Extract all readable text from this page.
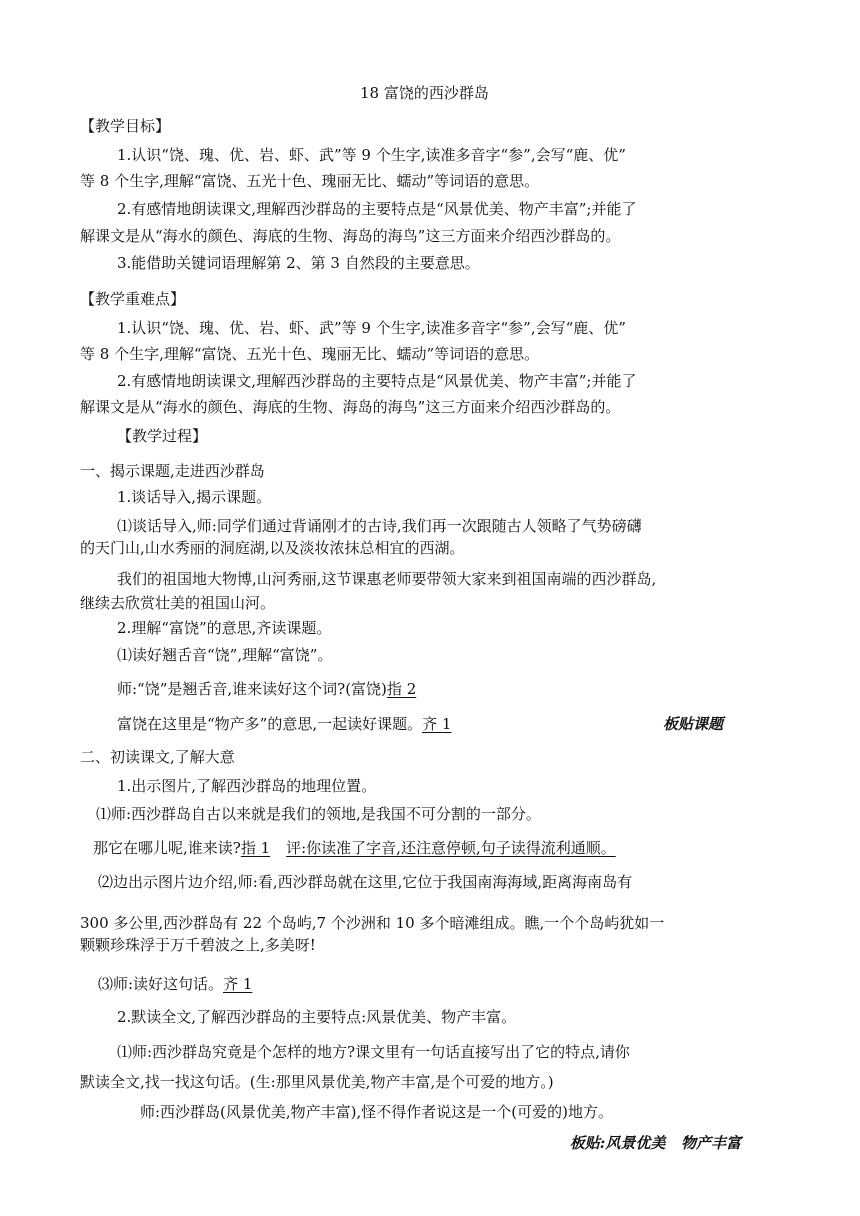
18 富饶的西沙群岛
【教学目标】
1.认识“饶、瑰、优、岩、虾、武”等 9 个生字,读准多音字“参”,会写“鹿、优”
等 8 个生字,理解“富饶、五光十色、瑰丽无比、蠕动”等词语的意思。
2.有感情地朗读课文,理解西沙群岛的主要特点是“风景优美、物产丰富”;并能了
解课文是从“海水的颜色、海底的生物、海岛的海鸟”这三方面来介绍西沙群岛的。
3.能借助关键词语理解第 2、第 3 自然段的主要意思。
【教学重难点】
1.认识“饶、瑰、优、岩、虾、武”等 9 个生字,读准多音字“参”,会写“鹿、优”
等 8 个生字,理解“富饶、五光十色、瑰丽无比、蠕动”等词语的意思。
2.有感情地朗读课文,理解西沙群岛的主要特点是“风景优美、物产丰富”;并能了
解课文是从“海水的颜色、海底的生物、海岛的海鸟”这三方面来介绍西沙群岛的。
【教学过程】
一、揭示课题,走进西沙群岛
1.谈话导入,揭示课题。
⑴谈话导入,师:同学们通过背诵刚才的古诗,我们再一次跟随古人领略了气势磅礴
的天门山,山水秀丽的洞庭湖,以及淡妆浓抹总相宜的西湖。
我们的祖国地大物博,山河秀丽,这节课惠老师要带领大家来到祖国南端的西沙群岛,
继续去欣赏壮美的祖国山河。
2.理解“富饶”的意思,齐读课题。
⑴读好翘舌音“饶”,理解“富饶”。
师:“饶”是翘舌音,谁来读好这个词?(富饶)指 2
富饶在这里是“物产多”的意思,一起读好课题。齐 1	板贴课题
二、初读课文,了解大意
1.出示图片,了解西沙群岛的地理位置。
⑴师:西沙群岛自古以来就是我们的领地,是我国不可分割的一部分。
那它在哪儿呢,谁来读?指 1 评:你读准了字音,还注意停顿,句子读得流利通顺。
⑵边出示图片边介绍,师:看,西沙群岛就在这里,它位于我国南海海域,距离海南岛有
300 多公里,西沙群岛有 22 个岛屿,7 个沙洲和 10 多个暗滩组成。瞧,一个个岛屿犹如一
颗颗珍珠浮于万千碧波之上,多美呀!
⑶师:读好这句话。齐 1
2.默读全文,了解西沙群岛的主要特点:风景优美、物产丰富。
⑴师:西沙群岛究竟是个怎样的地方?课文里有一句话直接写出了它的特点,请你
默读全文,找一找这句话。(生:那里风景优美,物产丰富,是个可爱的地方。)
师:西沙群岛(风景优美,物产丰富),怪不得作者说这是一个(可爱的)地方。
板贴:风景优美   物产丰富
